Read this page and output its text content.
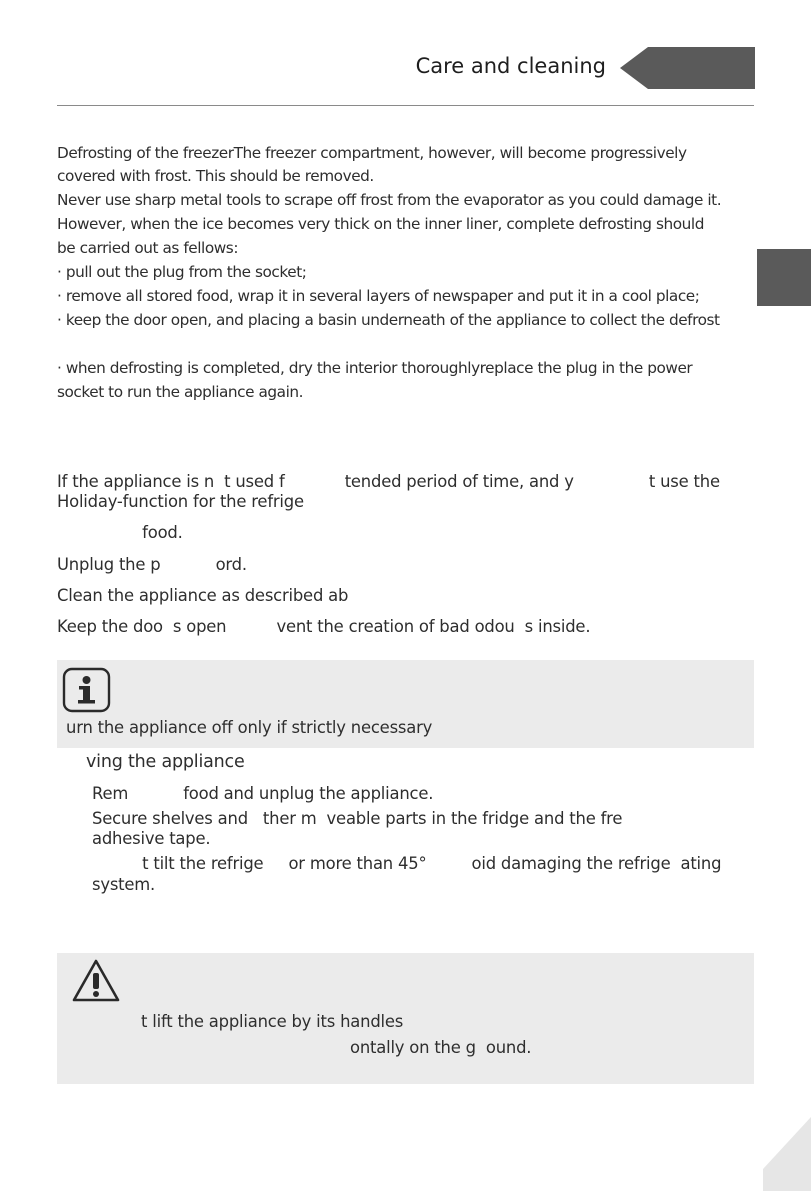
Care and cleaning
Defrosting of the freezerThe freezer compartment, however, will become progressively
covered with frost. This should be removed.
Never use sharp metal tools to scrape off frost from the evaporator as you could damage it.
However, when the ice becomes very thick on the inner liner, complete defrosting should
be carried out as fellows:
· pull out the plug from the socket;
· remove all stored food, wrap it in several layers of newspaper and put it in a cool place;
· keep the door open, and placing a basin underneath of the appliance to collect the defrost
· when defrosting is completed, dry the interior thoroughlyreplace the plug in the power
socket to run the appliance again.
If the appliance is n  t used f            tended period of time, and y               t use the
Holiday-function for the refrige
food.
Unplug the p           ord.
Clean the appliance as described ab
Keep the doo  s open          vent the creation of bad odou  s inside.
urn the appliance off only if strictly necessary
ving the appliance
Rem           food and unplug the appliance.
Secure shelves and   ther m  veable parts in the fridge and the fre
adhesive tape.
t tilt the refrige     or more than 45°         oid damaging the refrige  ating
system.
t lift the appliance by its handles
ontally on the g  ound.
